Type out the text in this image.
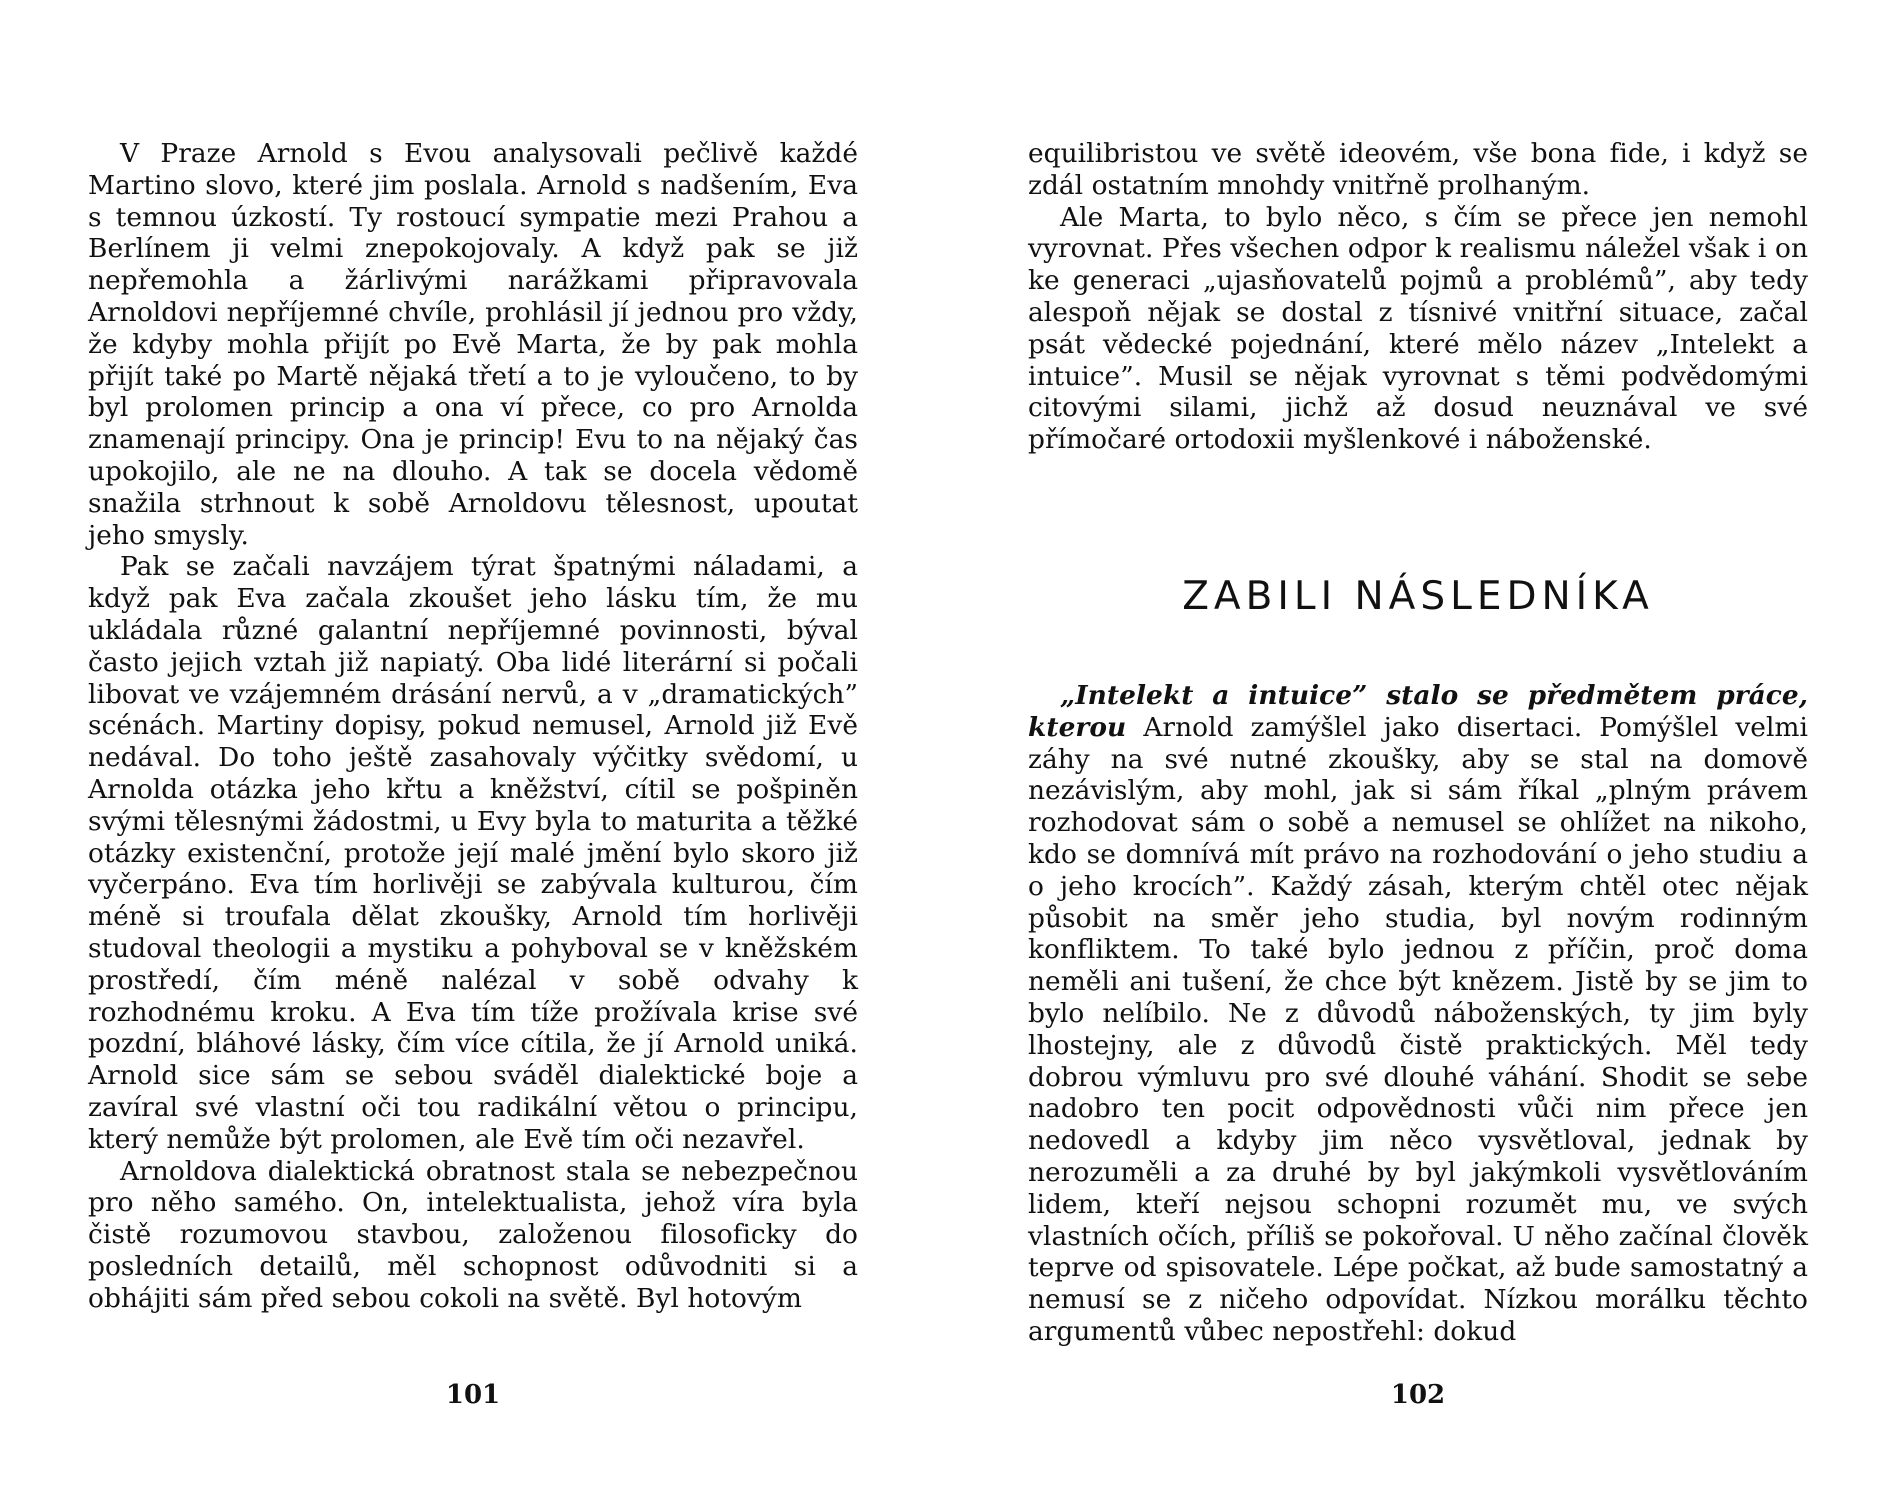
V Praze Arnold s Evou analysovali pečlivě každé Martino slovo, které jim poslala. Arnold s nadšením, Eva s temnou úzkostí. Ty rostoucí sympatie mezi Prahou a Berlínem ji velmi znepokojovaly. A když pak se již nepřemohla a žárlivými narážkami připravovala Arnoldovi nepříjemné chvíle, prohlásil jí jednou pro vždy, že kdyby mohla přijít po Evě Marta, že by pak mohla přijít také po Martě nějaká třetí a to je vyloučeno, to by byl prolomen princip a ona ví přece, co pro Arnolda znamenají principy. Ona je princip! Evu to na nějaký čas upokojilo, ale ne na dlouho. A tak se docela vědomě snažila strhnout k sobě Arnoldovu tělesnost, upoutat jeho smysly.

Pak se začali navzájem týrat špatnými náladami, a když pak Eva začala zkoušet jeho lásku tím, že mu ukládala různé galantní nepříjemné povinnosti, býval často jejich vztah již napiatý. Oba lidé literární si počali libovat ve vzájemném drásání nervů, a v „dramatických” scénách. Martiny dopisy, pokud nemusel, Arnold již Evě nedával. Do toho ještě zasahovaly výčitky svědomí, u Arnolda otázka jeho křtu a kněžství, cítil se pošpiněn svými tělesnými žádostmi, u Evy byla to maturita a těžké otázky existenční, protože její malé jmění bylo skoro již vyčerpáno. Eva tím horlivěji se zabývala kulturou, čím méně si troufala dělat zkoušky, Arnold tím horlivěji studoval theologii a mystiku a pohyboval se v kněžském prostředí, čím méně nalézal v sobě odvahy k rozhodnému kroku. A Eva tím tíže prožívala krise své pozdní, bláhové lásky, čím více cítila, že jí Arnold uniká. Arnold sice sám se sebou sváděl dialektické boje a zavíral své vlastní oči tou radikální větou o principu, který nemůže být prolomen, ale Evě tím oči nezavřel.

Arnoldova dialektická obratnost stala se nebezpečnou pro něho samého. On, intelektualista, jehož víra byla čistě rozumovou stavbou, založenou filosoficky do posledních detailů, měl schopnost odůvodniti si a obhájiti sám před sebou cokoli na světě. Byl hotovým

101

equilibristou ve světě ideovém, vše bona fide, i když se zdál ostatním mnohdy vnitřně prolhaným.

Ale Marta, to bylo něco, s čím se přece jen nemohl vyrovnat. Přes všechen odpor k realismu náležel však i on ke generaci „ujasňovatelů pojmů a problémů”, aby tedy alespoň nějak se dostal z tísnivé vnitřní situace, začal psát vědecké pojednání, které mělo název „Intelekt a intuice”. Musil se nějak vyrovnat s těmi podvědomými citovými silami, jichž až dosud neuznával ve své přímočaré ortodoxii myšlenkové i náboženské.

ZABILI NÁSLEDNÍKA

„Intelekt a intuice” stalo se předmětem práce, kterou Arnold zamýšlel jako disertaci. Pomýšlel velmi záhy na své nutné zkoušky, aby se stal na domově nezávislým, aby mohl, jak si sám říkal „plným právem rozhodovat sám o sobě a nemusel se ohlížet na nikoho, kdo se domnívá mít právo na rozhodování o jeho studiu a o jeho krocích”. Každý zásah, kterým chtěl otec nějak působit na směr jeho studia, byl novým rodinným konfliktem. To také bylo jednou z příčin, proč doma neměli ani tušení, že chce být knězem. Jistě by se jim to bylo nelíbilo. Ne z důvodů náboženských, ty jim byly lhostejny, ale z důvodů čistě praktických. Měl tedy dobrou výmluvu pro své dlouhé váhání. Shodit se sebe nadobro ten pocit odpovědnosti vůči nim přece jen nedovedl a kdyby jim něco vysvětloval, jednak by nerozuměli a za druhé by byl jakýmkoli vysvětlováním lidem, kteří nejsou schopni rozumět mu, ve svých vlastních očích, příliš se pokořoval. U něho začínal člověk teprve od spisovatele. Lépe počkat, až bude samostatný a nemusí se z ničeho odpovídat. Nízkou morálku těchto argumentů vůbec nepostřehl: dokud

102
